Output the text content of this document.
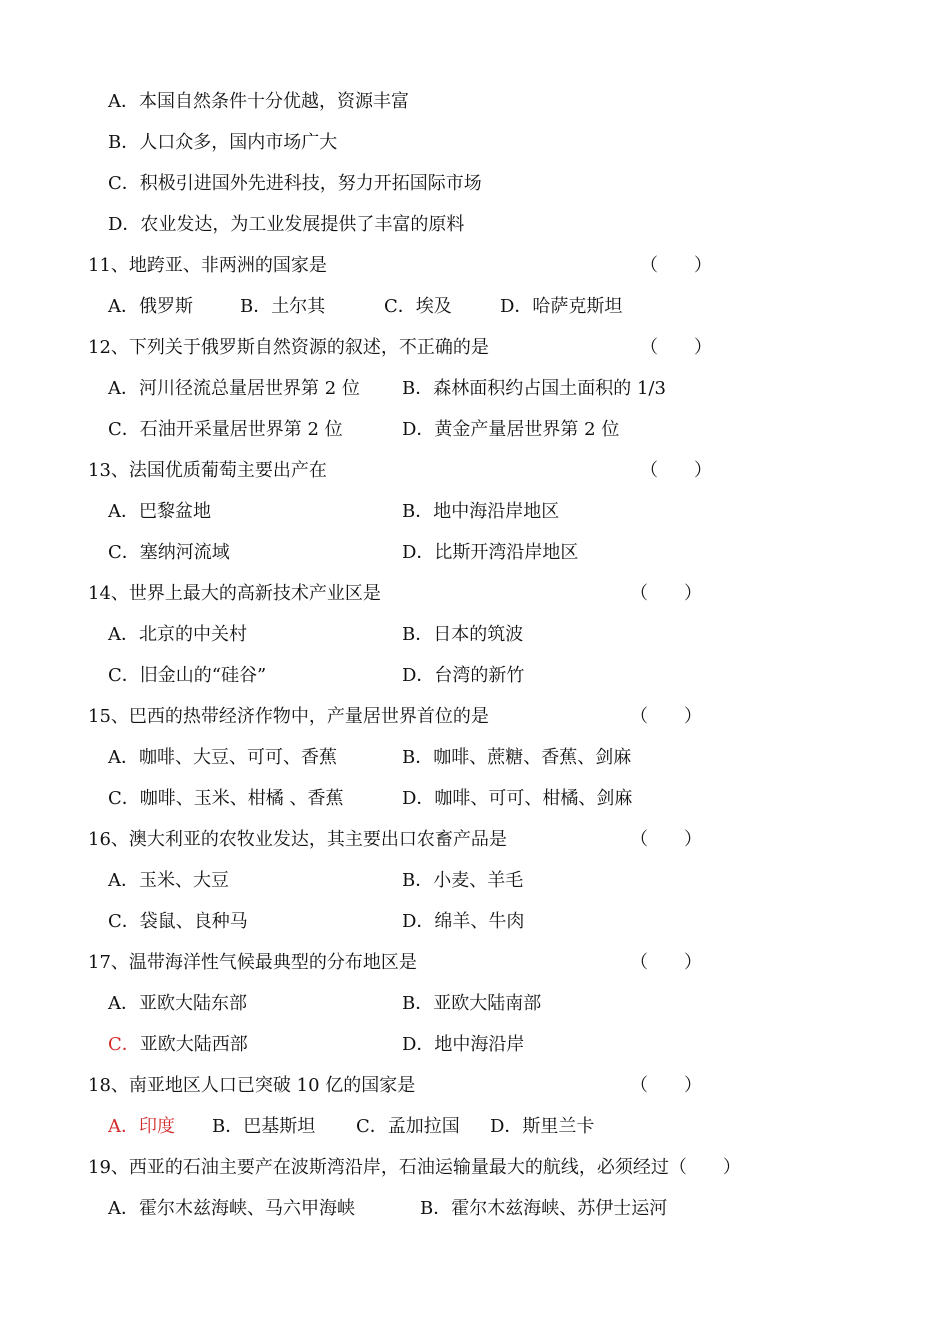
A．本国自然条件十分优越，资源丰富
B．人口众多，国内市场广大
C．积极引进国外先进科技，努力开拓国际市场
D．农业发达，为工业发展提供了丰富的原料
11、地跨亚、非两洲的国家是	（　　）
A．俄罗斯	B．土尔其	C．埃及	D．哈萨克斯坦
12、下列关于俄罗斯自然资源的叙述，不正确的是	（　　）
A．河川径流总量居世界第 2 位 B．森林面积约占国土面积的 1/3
C．石油开采量居世界第 2 位	D．黄金产量居世界第 2 位
13、法国优质葡萄主要出产在	（　　）
A．巴黎盆地	B．地中海沿岸地区
C．塞纳河流域	D．比斯开湾沿岸地区
14、世界上最大的高新技术产业区是	（　　）
A．北京的中关村	B．日本的筑波
C．旧金山的“硅谷”	D．台湾的新竹
15、巴西的热带经济作物中，产量居世界首位的是	（　　）
A．咖啡、大豆、可可、香蕉	B．咖啡、蔗糖、香蕉、剑麻
C．咖啡、玉米、柑橘 、香蕉	D．咖啡、可可、柑橘、剑麻
16、澳大利亚的农牧业发达，其主要出口农畜产品是	（　　）
A．玉米、大豆	B．小麦、羊毛
C．袋鼠、良种马	D．绵羊、牛肉
17、温带海洋性气候最典型的分布地区是	（　　）
A．亚欧大陆东部	B．亚欧大陆南部
C．亚欧大陆西部	D．地中海沿岸
18、南亚地区人口已突破 10 亿的国家是	（　　）
A．印度 B．巴基斯坦 C．孟加拉国 D．斯里兰卡
19、西亚的石油主要产在波斯湾沿岸，石油运输量最大的航线，必须经过（　　）
A．霍尔木兹海峡、马六甲海峡	B．霍尔木兹海峡、苏伊士运河
